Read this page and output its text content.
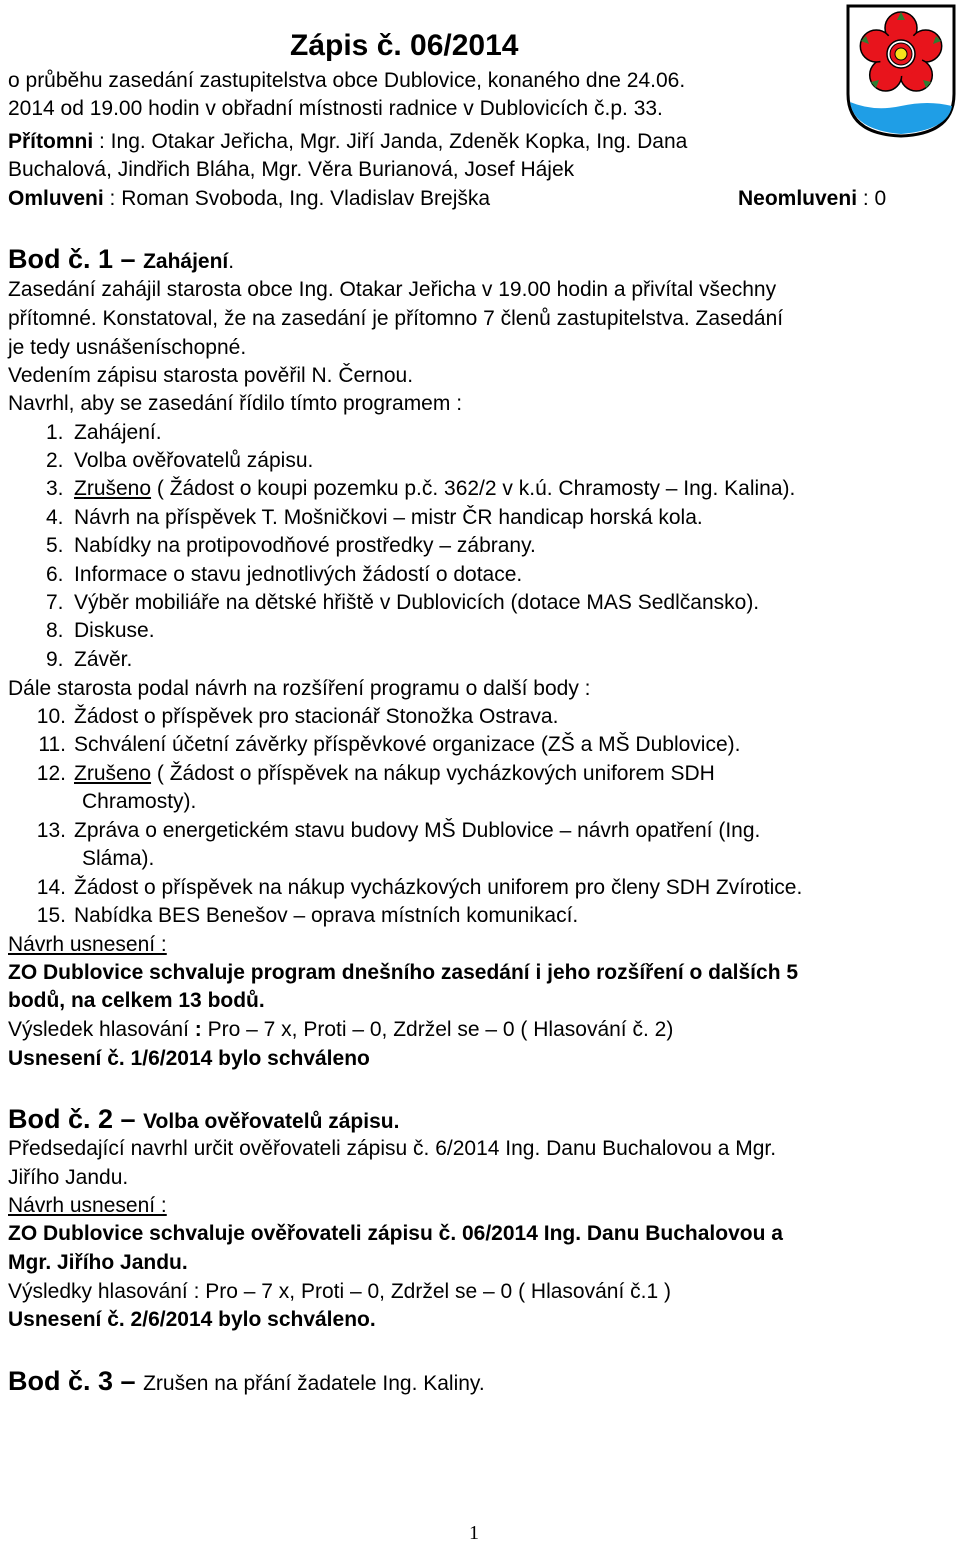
Zápis č. 06/2014
o průběhu zasedání zastupitelstva obce Dublovice, konaného dne 24.06.
2014 od 19.00 hodin v obřadní místnosti radnice v Dublovicích č.p. 33.
Přítomni : Ing. Otakar Jeřicha, Mgr. Jiří Janda, Zdeněk Kopka, Ing. Dana
Buchalová, Jindřich Bláha, Mgr. Věra Burianová, Josef Hájek
Omluveni : Roman Svoboda, Ing. Vladislav Brejška	Neomluveni : 0
Bod č. 1 – Zahájení.
Zasedání zahájil starosta obce Ing. Otakar Jeřicha v 19.00 hodin a přivítal všechny
přítomné. Konstatoval, že na zasedání je přítomno 7 členů zastupitelstva. Zasedání
je tedy usnášeníschopné.
Vedením zápisu starosta pověřil N. Černou.
Navrhl, aby se zasedání řídilo tímto programem :
1. Zahájení.
2. Volba ověřovatelů zápisu.
3. Zrušeno ( Žádost o koupi pozemku p.č. 362/2 v k.ú. Chramosty – Ing. Kalina).
4. Návrh na příspěvek T. Mošničkovi – mistr ČR handicap horská kola.
5. Nabídky na protipovodňové prostředky – zábrany.
6. Informace o stavu jednotlivých žádostí o dotace.
7. Výběr mobiliáře na dětské hřiště v Dublovicích (dotace MAS Sedlčansko).
8. Diskuse.
9. Závěr.
Dále starosta podal návrh na rozšíření programu o další body :
10. Žádost o příspěvek pro stacionář Stonožka Ostrava.
11. Schválení účetní závěrky příspěvkové organizace (ZŠ a MŠ Dublovice).
12. Zrušeno ( Žádost o příspěvek na nákup vycházkových uniforem SDH
Chramosty).
13. Zpráva o energetickém stavu budovy MŠ Dublovice – návrh opatření (Ing.
Sláma).
14. Žádost o příspěvek na nákup vycházkových uniforem pro členy SDH Zvírotice.
15. Nabídka BES Benešov – oprava místních komunikací.
Návrh usnesení :
ZO Dublovice schvaluje program dnešního zasedání i jeho rozšíření o dalších 5
bodů, na celkem 13 bodů.
Výsledek hlasování : Pro – 7 x, Proti – 0, Zdržel se – 0 ( Hlasování č. 2)
Usnesení č. 1/6/2014 bylo schváleno
Bod č. 2 – Volba ověřovatelů zápisu.
Předsedající navrhl určit ověřovateli zápisu č. 6/2014 Ing. Danu Buchalovou a Mgr.
Jiřího Jandu.
Návrh usnesení :
ZO Dublovice schvaluje ověřovateli zápisu č. 06/2014 Ing. Danu Buchalovou a
Mgr. Jiřího Jandu.
Výsledky hlasování : Pro – 7 x, Proti – 0, Zdržel se – 0 ( Hlasování č.1 )
Usnesení č. 2/6/2014 bylo schváleno.
Bod č. 3 – Zrušen na přání žadatele Ing. Kaliny.
1
